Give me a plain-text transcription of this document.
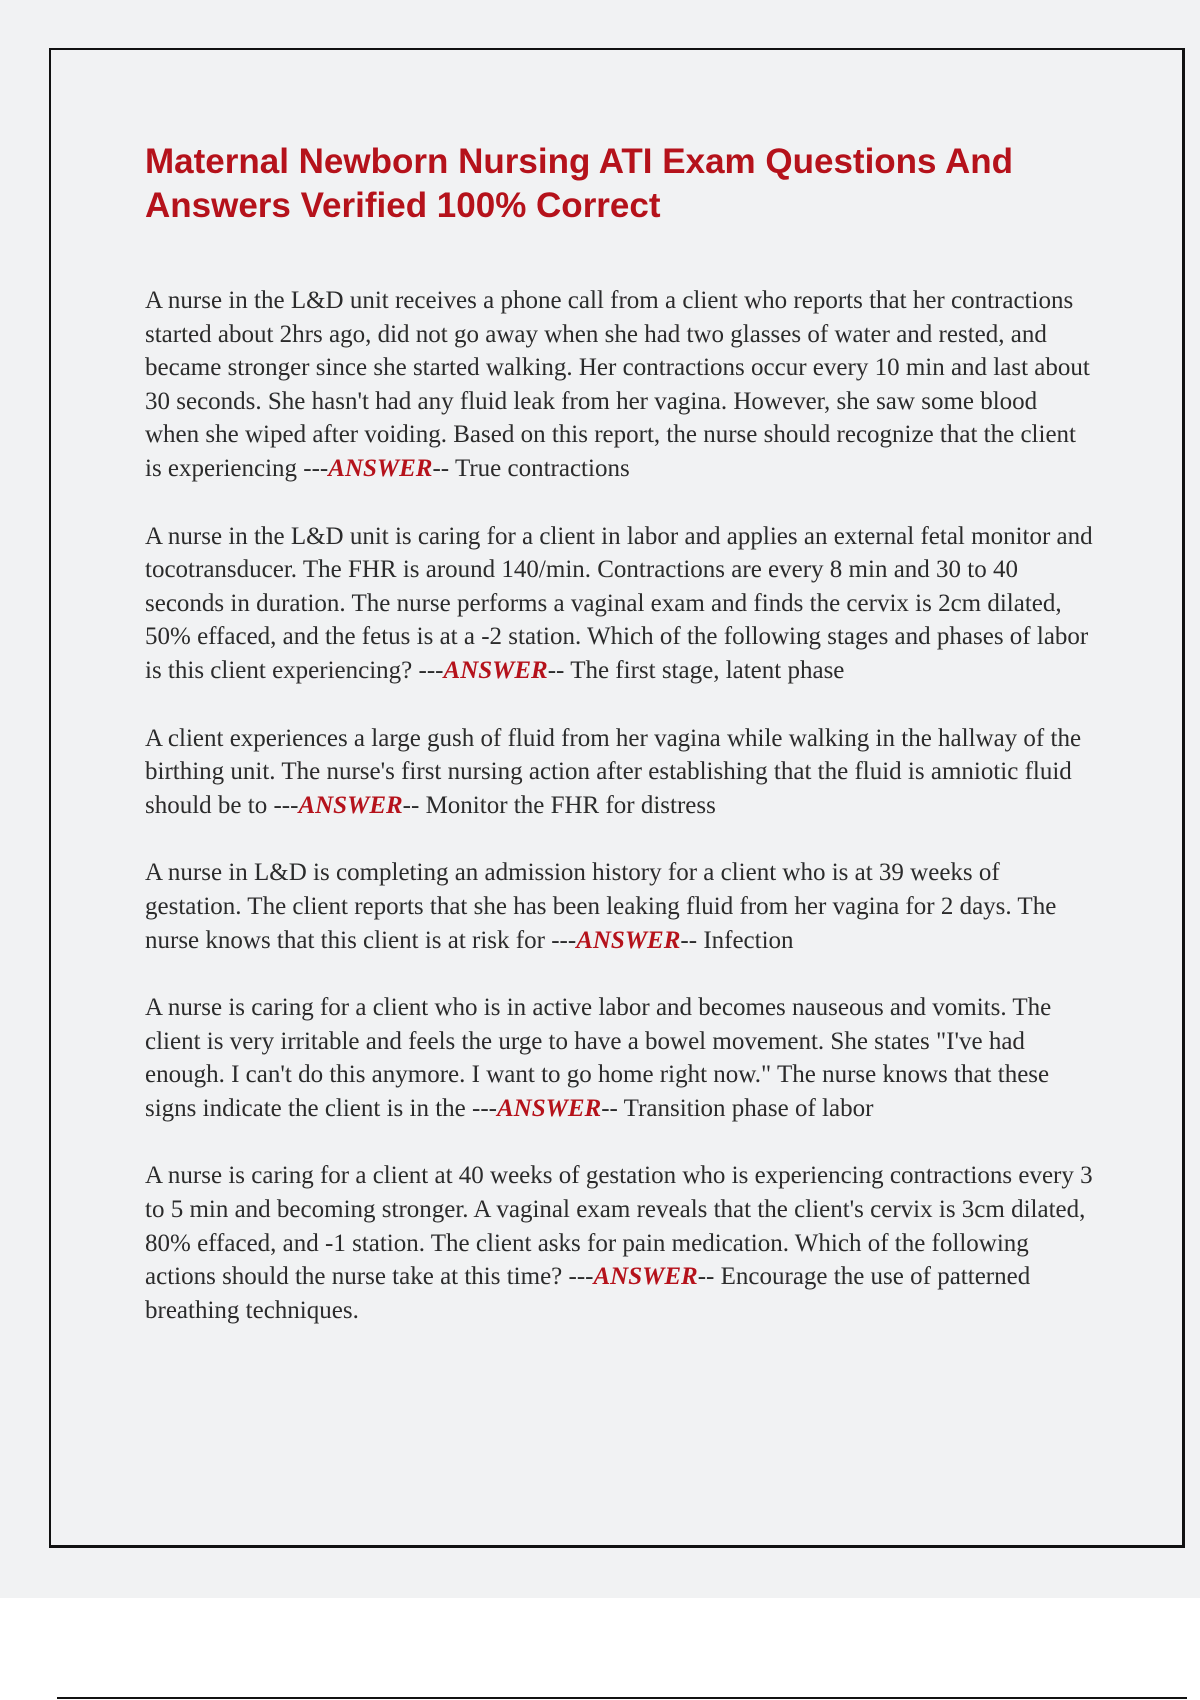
Maternal Newborn Nursing ATI Exam Questions And Answers Verified 100% Correct

A nurse in the L&D unit receives a phone call from a client who reports that her contractions started about 2hrs ago, did not go away when she had two glasses of water and rested, and became stronger since she started walking. Her contractions occur every 10 min and last about 30 seconds. She hasn't had any fluid leak from her vagina. However, she saw some blood when she wiped after voiding. Based on this report, the nurse should recognize that the client is experiencing ---ANSWER-- True contractions

A nurse in the L&D unit is caring for a client in labor and applies an external fetal monitor and tocotransducer. The FHR is around 140/min. Contractions are every 8 min and 30 to 40 seconds in duration. The nurse performs a vaginal exam and finds the cervix is 2cm dilated, 50% effaced, and the fetus is at a -2 station. Which of the following stages and phases of labor is this client experiencing? ---ANSWER-- The first stage, latent phase

A client experiences a large gush of fluid from her vagina while walking in the hallway of the birthing unit. The nurse's first nursing action after establishing that the fluid is amniotic fluid should be to ---ANSWER-- Monitor the FHR for distress

A nurse in L&D is completing an admission history for a client who is at 39 weeks of gestation. The client reports that she has been leaking fluid from her vagina for 2 days. The nurse knows that this client is at risk for ---ANSWER-- Infection

A nurse is caring for a client who is in active labor and becomes nauseous and vomits. The client is very irritable and feels the urge to have a bowel movement. She states "I've had enough. I can't do this anymore. I want to go home right now." The nurse knows that these signs indicate the client is in the ---ANSWER-- Transition phase of labor

A nurse is caring for a client at 40 weeks of gestation who is experiencing contractions every 3 to 5 min and becoming stronger. A vaginal exam reveals that the client's cervix is 3cm dilated, 80% effaced, and -1 station. The client asks for pain medication. Which of the following actions should the nurse take at this time? ---ANSWER-- Encourage the use of patterned breathing techniques.
